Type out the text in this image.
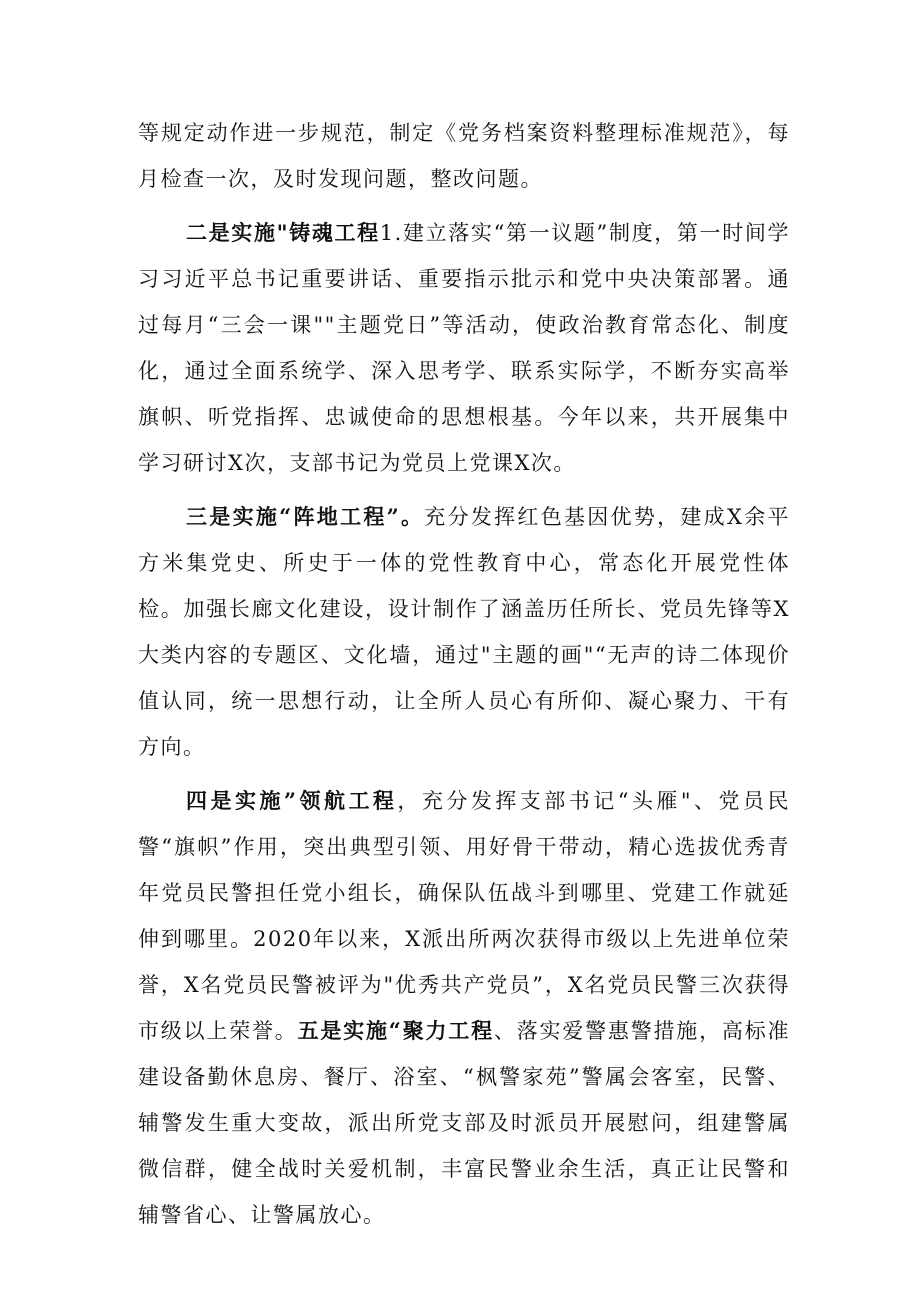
等规定动作进一步规范，制定《党务档案资料整理标准规范》，每月检查一次，及时发现问题，整改问题。

二是实施"铸魂工程1.建立落实“第一议题”制度，第一时间学习习近平总书记重要讲话、重要指示批示和党中央决策部署。通过每月“三会一课""主题党日”等活动，使政治教育常态化、制度化，通过全面系统学、深入思考学、联系实际学，不断夯实高举旗帜、听党指挥、忠诚使命的思想根基。今年以来，共开展集中学习研讨X次，支部书记为党员上党课X次。

三是实施“阵地工程”。充分发挥红色基因优势，建成X余平方米集党史、所史于一体的党性教育中心，常态化开展党性体检。加强长廊文化建设，设计制作了涵盖历任所长、党员先锋等X大类内容的专题区、文化墙，通过"主题的画"“无声的诗二体现价值认同，统一思想行动，让全所人员心有所仰、凝心聚力、干有方向。

四是实施”领航工程，充分发挥支部书记“头雁"、党员民警“旗帜”作用，突出典型引领、用好骨干带动，精心选拔优秀青年党员民警担任党小组长，确保队伍战斗到哪里、党建工作就延伸到哪里。2020年以来，X派出所两次获得市级以上先进单位荣誉，X名党员民警被评为"优秀共产党员”，X名党员民警三次获得市级以上荣誉。五是实施“聚力工程、落实爱警惠警措施，高标准建设备勤休息房、餐厅、浴室、“枫警家苑”警属会客室，民警、辅警发生重大变故，派出所党支部及时派员开展慰问，组建警属微信群，健全战时关爱机制，丰富民警业余生活，真正让民警和辅警省心、让警属放心。
